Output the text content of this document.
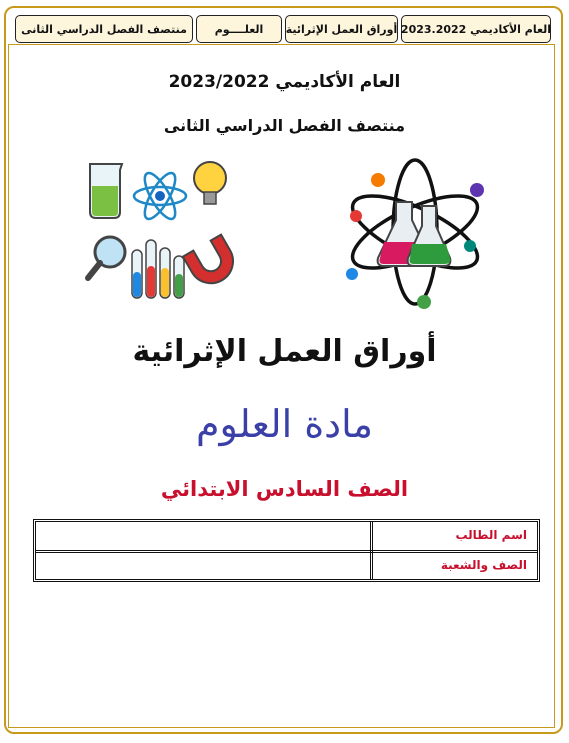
العام الأكاديمي 2023.2022
أوراق العمل الإثرائية
العلــــوم
منتصف الفصل الدراسي الثانى
العام الأكاديمي 2023/2022
منتصف الفصل الدراسي الثانى
أوراق العمل الإثرائية
مادة العلوم
الصف السادس الابتدائي
اسم الطالب
الصف والشعبة
